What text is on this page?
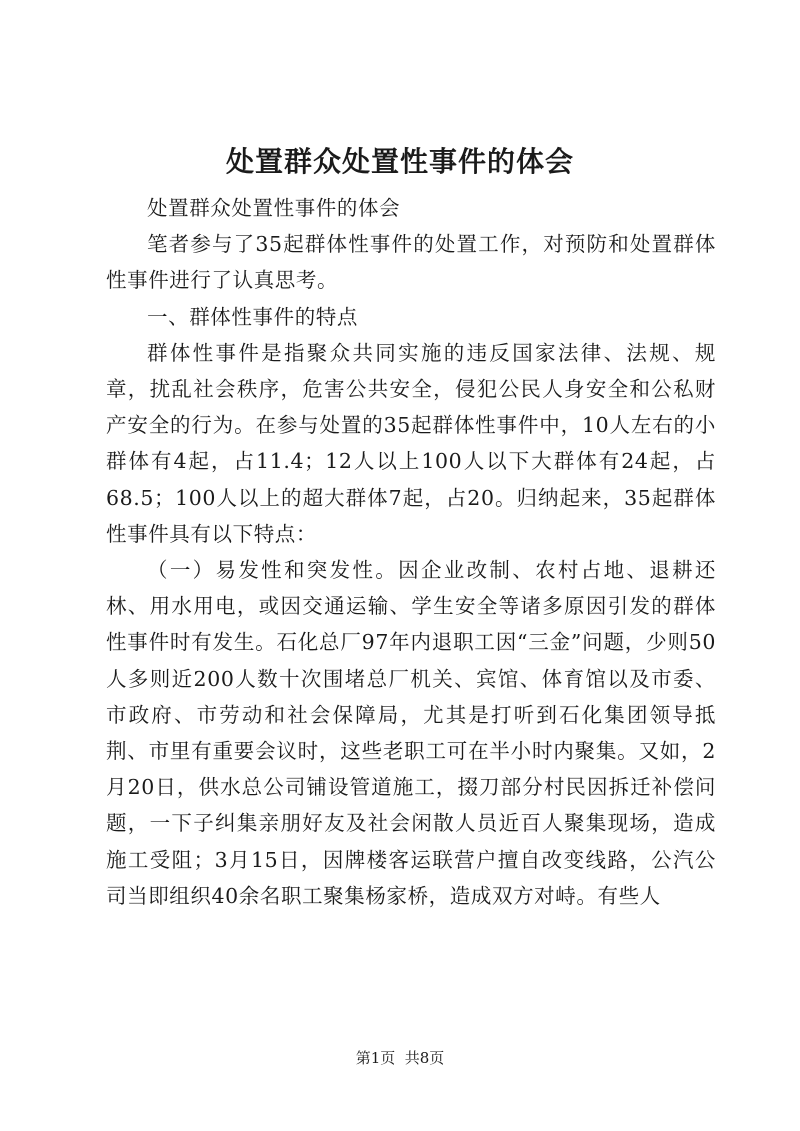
处置群众处置性事件的体会

处置群众处置性事件的体会

笔者参与了35起群体性事件的处置工作，对预防和处置群体性事件进行了认真思考。

一、群体性事件的特点

群体性事件是指聚众共同实施的违反国家法律、法规、规章，扰乱社会秩序，危害公共安全，侵犯公民人身安全和公私财产安全的行为。在参与处置的35起群体性事件中，10人左右的小群体有4起，占11.4；12人以上100人以下大群体有24起，占68.5；100人以上的超大群体7起，占20。归纳起来，35起群体性事件具有以下特点：

（一）易发性和突发性。因企业改制、农村占地、退耕还林、用水用电，或因交通运输、学生安全等诸多原因引发的群体性事件时有发生。石化总厂97年内退职工因“三金”问题，少则50人多则近200人数十次围堵总厂机关、宾馆、体育馆以及市委、市政府、市劳动和社会保障局，尤其是打听到石化集团领导抵荆、市里有重要会议时，这些老职工可在半小时内聚集。又如，2月20日，供水总公司铺设管道施工，掇刀部分村民因拆迁补偿问题，一下子纠集亲朋好友及社会闲散人员近百人聚集现场，造成施工受阻；3月15日，因牌楼客运联营户擅自改变线路，公汽公司当即组织40余名职工聚集杨家桥，造成双方对峙。有些人

第1页  共8页
